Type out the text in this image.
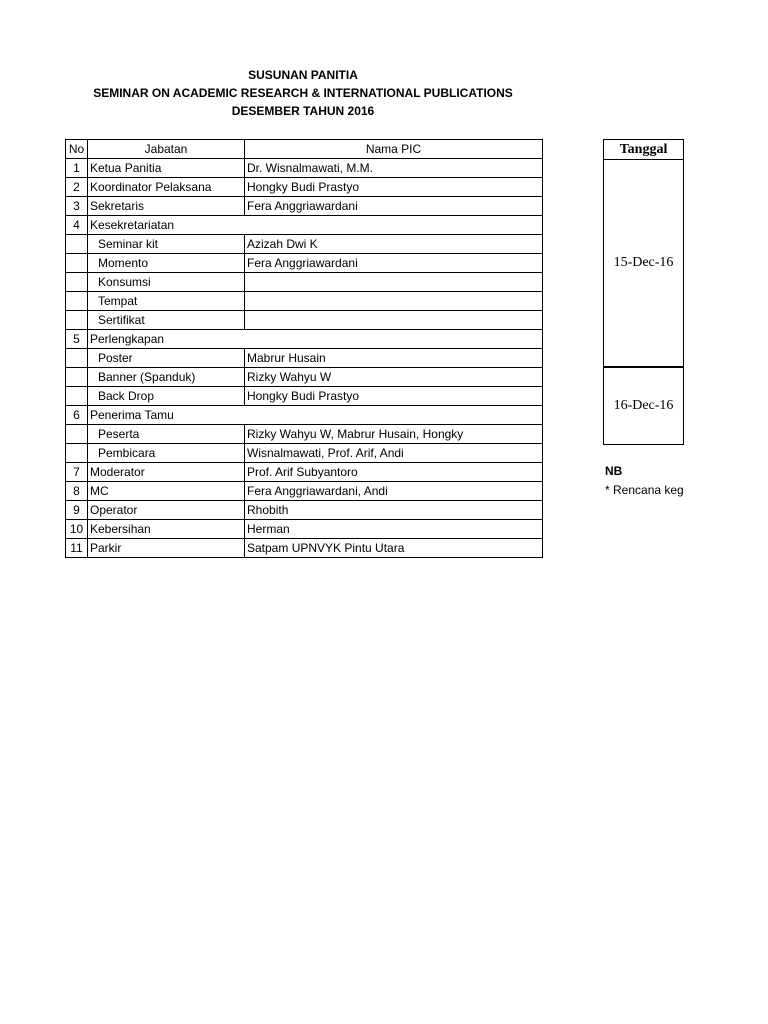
SUSUNAN PANITIA
SEMINAR ON ACADEMIC RESEARCH & INTERNATIONAL PUBLICATIONS
DESEMBER TAHUN 2016
No	Jabatan	Nama PIC
1	Ketua Panitia	Dr. Wisnalmawati, M.M.
2	Koordinator Pelaksana	Hongky Budi Prastyo
3	Sekretaris	Fera Anggriawardani
4	Kesekretariatan	
	Seminar kit	Azizah Dwi K
	Momento	Fera Anggriawardani
	Konsumsi	
	Tempat	
	Sertifikat	
5	Perlengkapan	
	Poster	Mabrur Husain
	Banner (Spanduk)	Rizky Wahyu W
	Back Drop	Hongky Budi Prastyo
6	Penerima Tamu	
	Peserta	Rizky Wahyu W, Mabrur Husain, Hongky
	Pembicara	Wisnalmawati, Prof. Arif, Andi
7	Moderator	Prof. Arif Subyantoro
8	MC	Fera Anggriawardani, Andi
9	Operator	Rhobith
10	Kebersihan	Herman
11	Parkir	Satpam UPNVYK Pintu Utara
Tanggal
15-Dec-16
16-Dec-16
NB
* Rencana keg
